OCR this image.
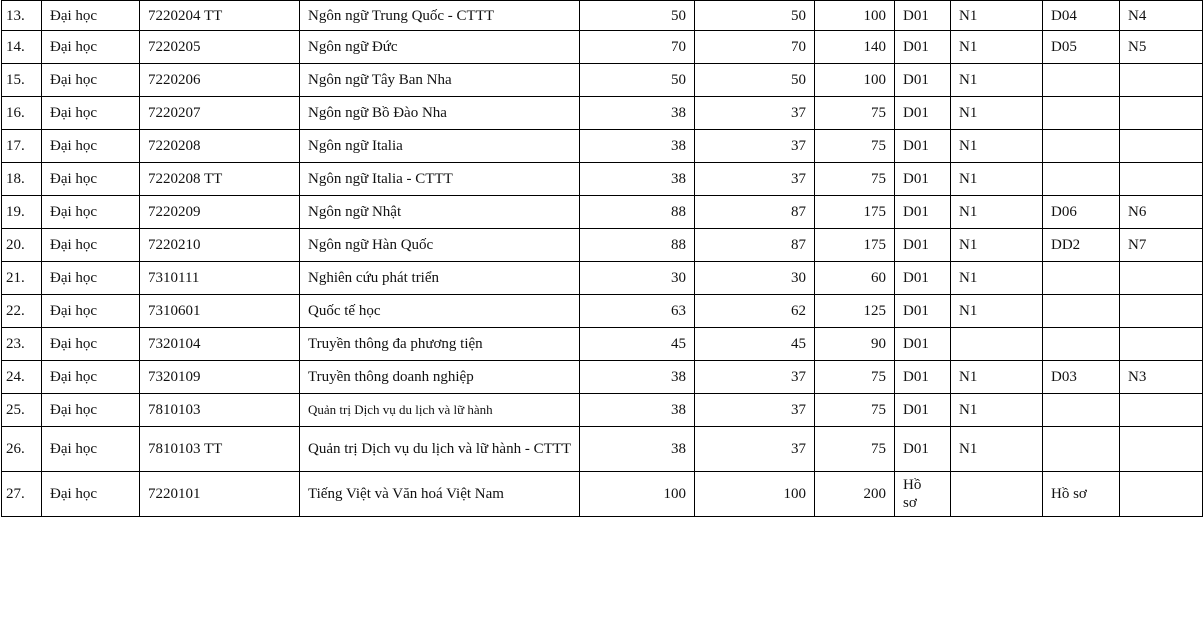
13.	Đại học	7220204 TT	Ngôn ngữ Trung Quốc - CTTT	50	50	100	D01	N1	D04	N4
14.	Đại học	7220205	Ngôn ngữ Đức	70	70	140	D01	N1	D05	N5
15.	Đại học	7220206	Ngôn ngữ Tây Ban Nha	50	50	100	D01	N1		
16.	Đại học	7220207	Ngôn ngữ Bồ Đào Nha	38	37	75	D01	N1		
17.	Đại học	7220208	Ngôn ngữ Italia	38	37	75	D01	N1		
18.	Đại học	7220208 TT	Ngôn ngữ Italia - CTTT	38	37	75	D01	N1		
19.	Đại học	7220209	Ngôn ngữ Nhật	88	87	175	D01	N1	D06	N6
20.	Đại học	7220210	Ngôn ngữ Hàn Quốc	88	87	175	D01	N1	DD2	N7
21.	Đại học	7310111	Nghiên cứu phát triển	30	30	60	D01	N1		
22.	Đại học	7310601	Quốc tế học	63	62	125	D01	N1		
23.	Đại học	7320104	Truyền thông đa phương tiện	45	45	90	D01			
24.	Đại học	7320109	Truyền thông doanh nghiệp	38	37	75	D01	N1	D03	N3
25.	Đại học	7810103	Quản trị Dịch vụ du lịch và lữ hành	38	37	75	D01	N1		
26.	Đại học	7810103 TT	Quản trị Dịch vụ du lịch và lữ hành - CTTT	38	37	75	D01	N1		
27.	Đại học	7220101	Tiếng Việt và Văn hoá Việt Nam	100	100	200	Hồ sơ		Hồ sơ	
